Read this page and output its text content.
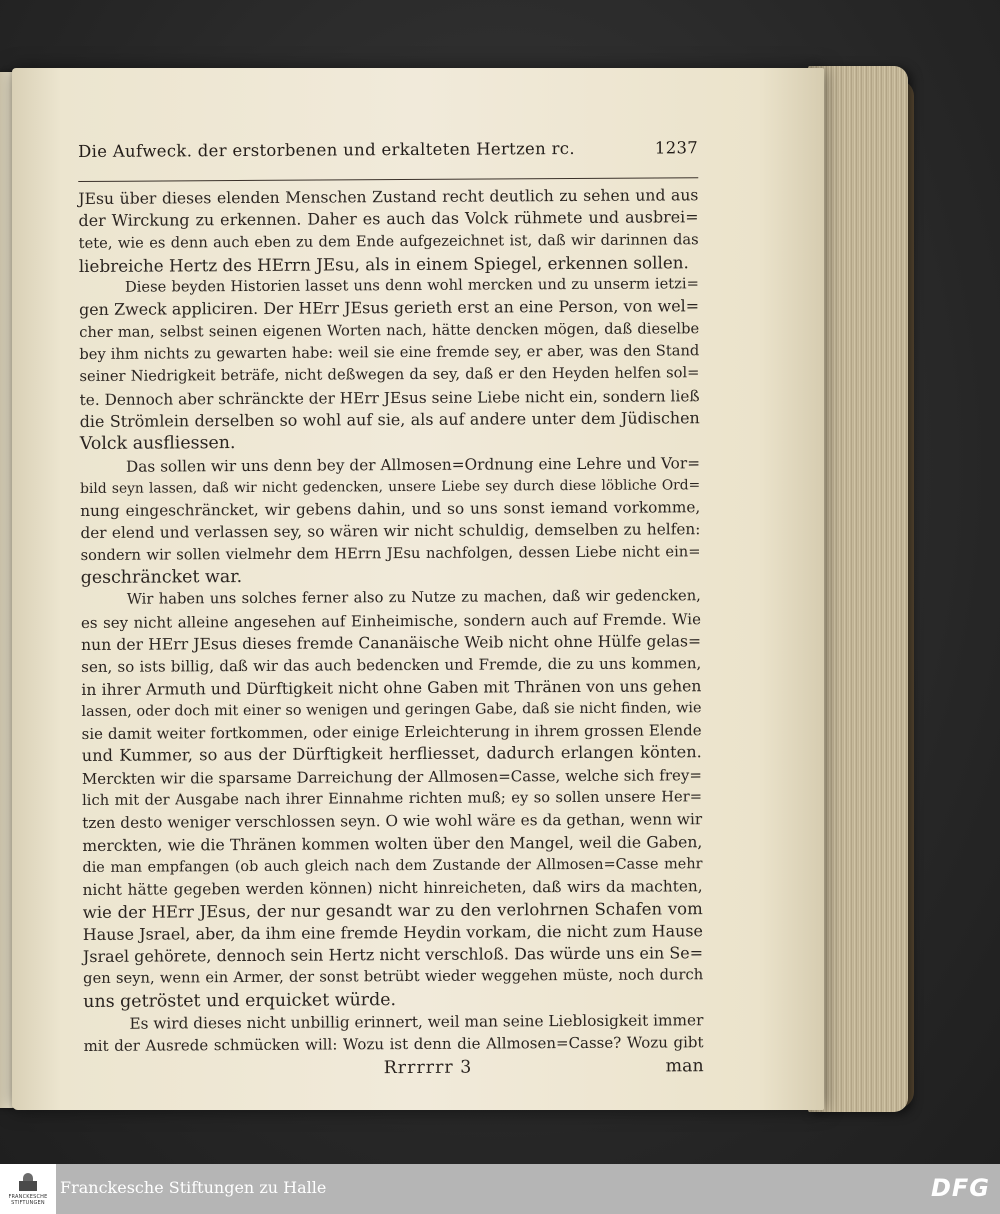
Die Aufweck. der erstorbenen und erkalteten Hertzen rc.	1237
JEsu über dieses elenden Menschen Zustand recht deutlich zu sehen und aus
der Wirckung zu erkennen. Daher es auch das Volck rühmete und ausbrei=
tete, wie es denn auch eben zu dem Ende aufgezeichnet ist, daß wir darinnen das
liebreiche Hertz des HErrn JEsu, als in einem Spiegel, erkennen sollen.
Diese beyden Historien lasset uns denn wohl mercken und zu unserm ietzi=
gen Zweck appliciren. Der HErr JEsus gerieth erst an eine Person, von wel=
cher man, selbst seinen eigenen Worten nach, hätte dencken mögen, daß dieselbe
bey ihm nichts zu gewarten habe: weil sie eine fremde sey, er aber, was den Stand
seiner Niedrigkeit beträfe, nicht deßwegen da sey, daß er den Heyden helfen sol=
te. Dennoch aber schränckte der HErr JEsus seine Liebe nicht ein, sondern ließ
die Strömlein derselben so wohl auf sie, als auf andere unter dem Jüdischen
Volck ausfliessen.
Das sollen wir uns denn bey der Allmosen=Ordnung eine Lehre und Vor=
bild seyn lassen, daß wir nicht gedencken, unsere Liebe sey durch diese löbliche Ord=
nung eingeschräncket, wir gebens dahin, und so uns sonst iemand vorkomme,
der elend und verlassen sey, so wären wir nicht schuldig, demselben zu helfen:
sondern wir sollen vielmehr dem HErrn JEsu nachfolgen, dessen Liebe nicht ein=
geschräncket war.
Wir haben uns solches ferner also zu Nutze zu machen, daß wir gedencken,
es sey nicht alleine angesehen auf Einheimische, sondern auch auf Fremde. Wie
nun der HErr JEsus dieses fremde Cananäische Weib nicht ohne Hülfe gelas=
sen, so ists billig, daß wir das auch bedencken und Fremde, die zu uns kommen,
in ihrer Armuth und Dürftigkeit nicht ohne Gaben mit Thränen von uns gehen
lassen, oder doch mit einer so wenigen und geringen Gabe, daß sie nicht finden, wie
sie damit weiter fortkommen, oder einige Erleichterung in ihrem grossen Elende
und Kummer, so aus der Dürftigkeit herfliesset, dadurch erlangen könten.
Merckten wir die sparsame Darreichung der Allmosen=Casse, welche sich frey=
lich mit der Ausgabe nach ihrer Einnahme richten muß; ey so sollen unsere Her=
tzen desto weniger verschlossen seyn. O wie wohl wäre es da gethan, wenn wir
merckten, wie die Thränen kommen wolten über den Mangel, weil die Gaben,
die man empfangen (ob auch gleich nach dem Zustande der Allmosen=Casse mehr
nicht hätte gegeben werden können) nicht hinreicheten, daß wirs da machten,
wie der HErr JEsus, der nur gesandt war zu den verlohrnen Schafen vom
Hause Jsrael, aber, da ihm eine fremde Heydin vorkam, die nicht zum Hause
Jsrael gehörete, dennoch sein Hertz nicht verschloß. Das würde uns ein Se=
gen seyn, wenn ein Armer, der sonst betrübt wieder weggehen müste, noch durch
uns getröstet und erquicket würde.
Es wird dieses nicht unbillig erinnert, weil man seine Lieblosigkeit immer
mit der Ausrede schmücken will: Wozu ist denn die Allmosen=Casse? Wozu gibt
Rrrrrrr 3	man
FRANCKESCHE
STIFTUNGEN
Franckesche Stiftungen zu Halle	DFG
